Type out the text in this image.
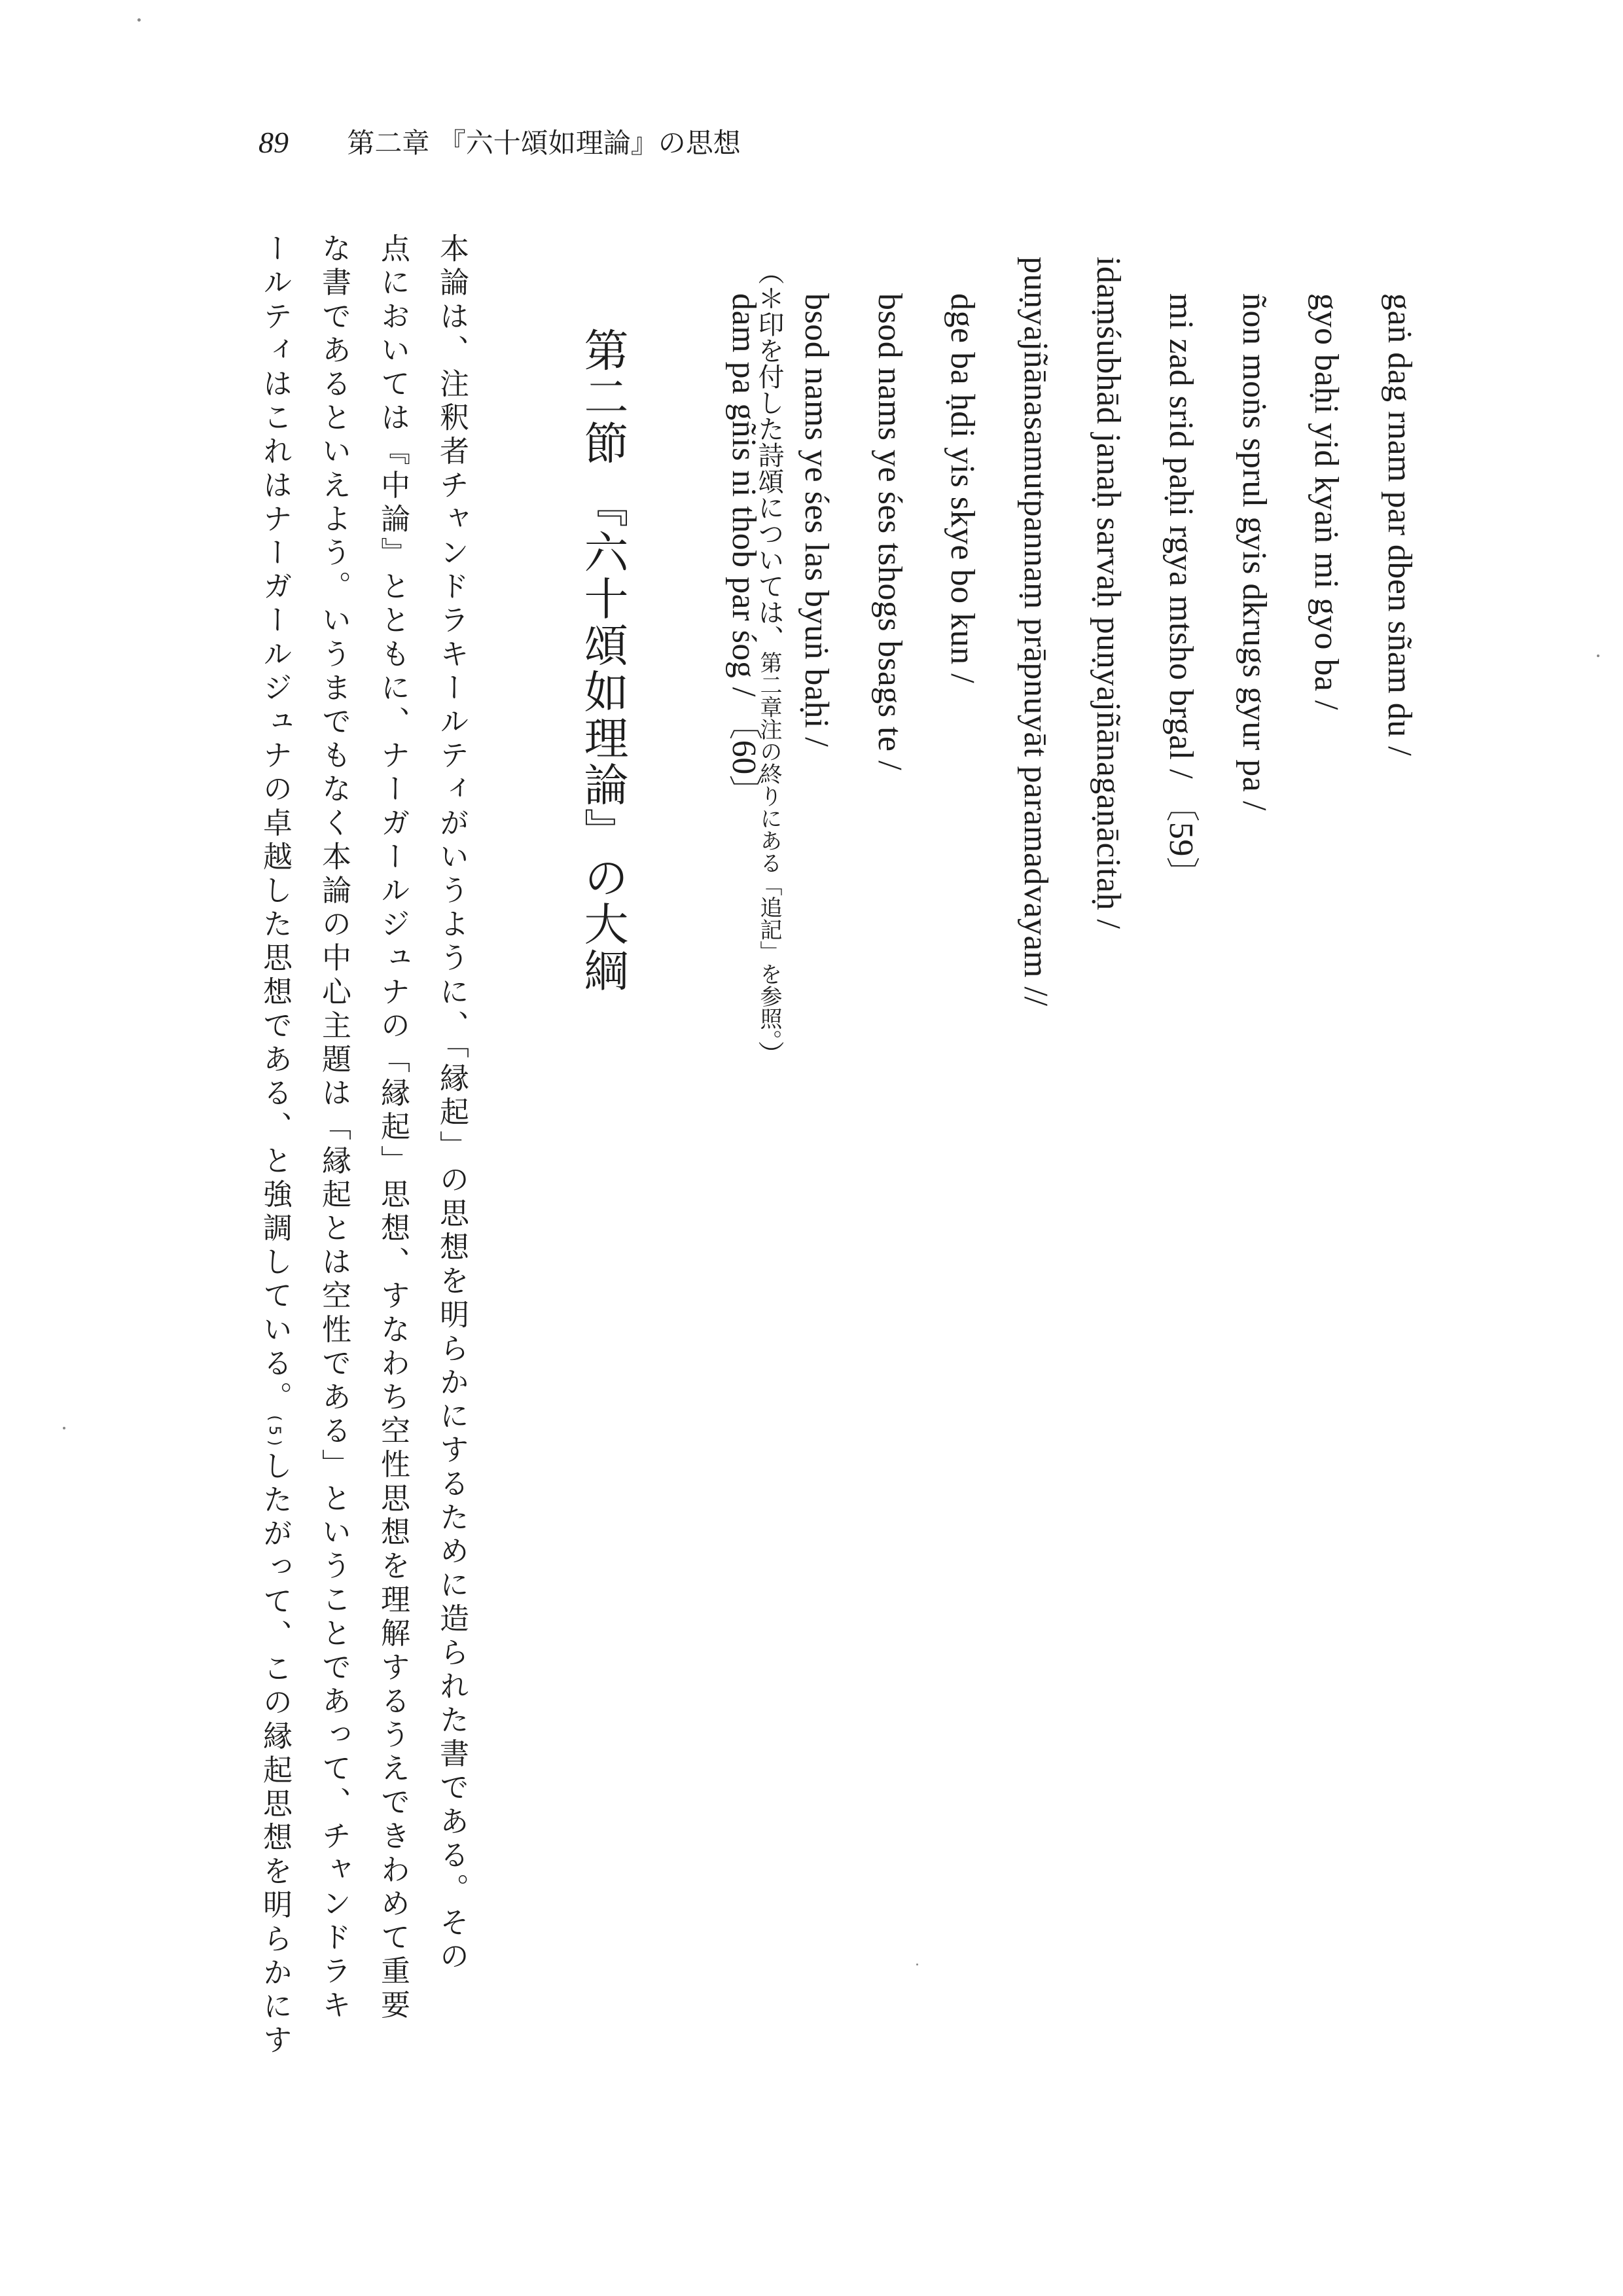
89 第二章 『六十頌如理論』の思想
gaṅ dag rnam par dben sñam du /
gyo baḥi yid kyaṅ mi gyo ba /
ñon moṅs sprul gyis dkrugs gyur pa /
mi zad srid paḥi rgya mtsho brgal / 〔59〕
idaṃśubhād janaḥ sarvaḥ puṇyajñānagaṇācitaḥ /
puṇyajñānasamutpannaṃ prāpnuyāt paramadvayam //
dge ba ḥdi yis skye bo kun /
bsod nams ye śes tshogs bsags te /
bsod nams ye śes las byuṅ baḥi /
dam pa gñis ni thob par śog / 〔60〕
（＊印を付した詩頌については、第二章注の終りにある「追記」を参照。）
第二節 『六十頌如理論』の大綱
本論は、注釈者チャンドラキールティがいうように、「縁起」の思想を明らかにするために造られた書である。その
点においては『中論』とともに、ナーガールジュナの「縁起」思想、すなわち空性思想を理解するうえできわめて重要
な書であるといえよう。いうまでもなく本論の中心主題は「縁起とは空性である」ということであって、チャンドラキ
ールティはこれはナーガールジュナの卓越した思想である、と強調している。(5)したがって、この縁起思想を明らかにす
